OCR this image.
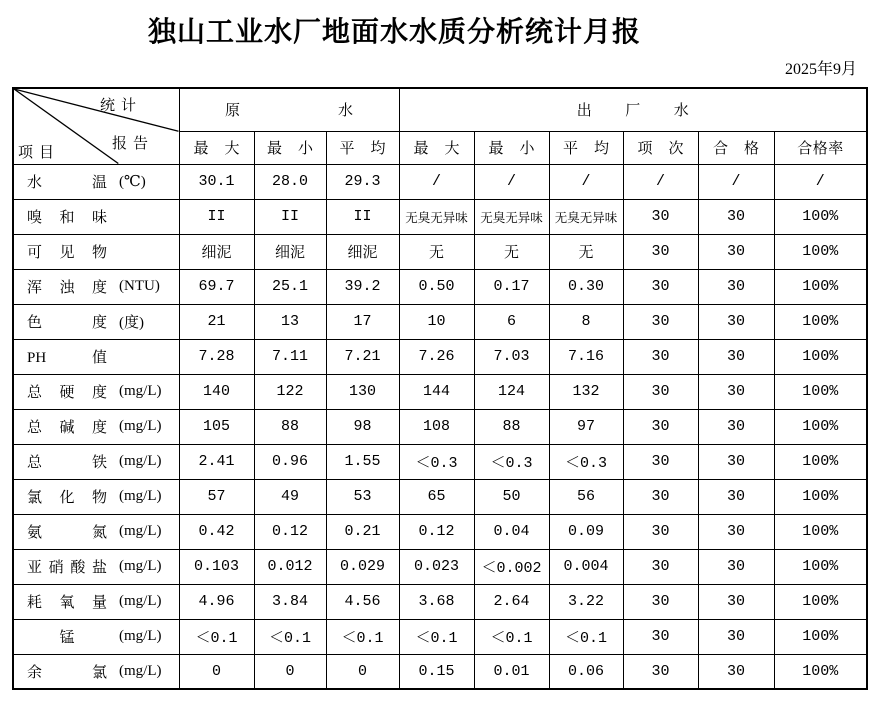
独山工业水厂地面水水质分析统计月报
2025年9月
统计
报告
项目	原水			出厂水					
	最大	最小	平均	最大	最小	平均	项次	合格	合格率
水温 (℃)	30.1	28.0	29.3	/	/	/	/	/	/
嗅和味	II	II	II	无臭无异味	无臭无异味	无臭无异味	30	30	100%
可见物	细泥	细泥	细泥	无	无	无	30	30	100%
浑浊度 (NTU)	69.7	25.1	39.2	0.50	0.17	0.30	30	30	100%
色度 (度)	21	13	17	10	6	8	30	30	100%
PH值	7.28	7.11	7.21	7.26	7.03	7.16	30	30	100%
总硬度 (mg/L)	140	122	130	144	124	132	30	30	100%
总碱度 (mg/L)	105	88	98	108	88	97	30	30	100%
总铁 (mg/L)	2.41	0.96	1.55	＜0.3	＜0.3	＜0.3	30	30	100%
氯化物 (mg/L)	57	49	53	65	50	56	30	30	100%
氨氮 (mg/L)	0.42	0.12	0.21	0.12	0.04	0.09	30	30	100%
亚硝酸盐 (mg/L)	0.103	0.012	0.029	0.023	＜0.002	0.004	30	30	100%
耗氧量 (mg/L)	4.96	3.84	4.56	3.68	2.64	3.22	30	30	100%
锰 (mg/L)	＜0.1	＜0.1	＜0.1	＜0.1	＜0.1	＜0.1	30	30	100%
余氯 (mg/L)	0	0	0	0.15	0.01	0.06	30	30	100%
